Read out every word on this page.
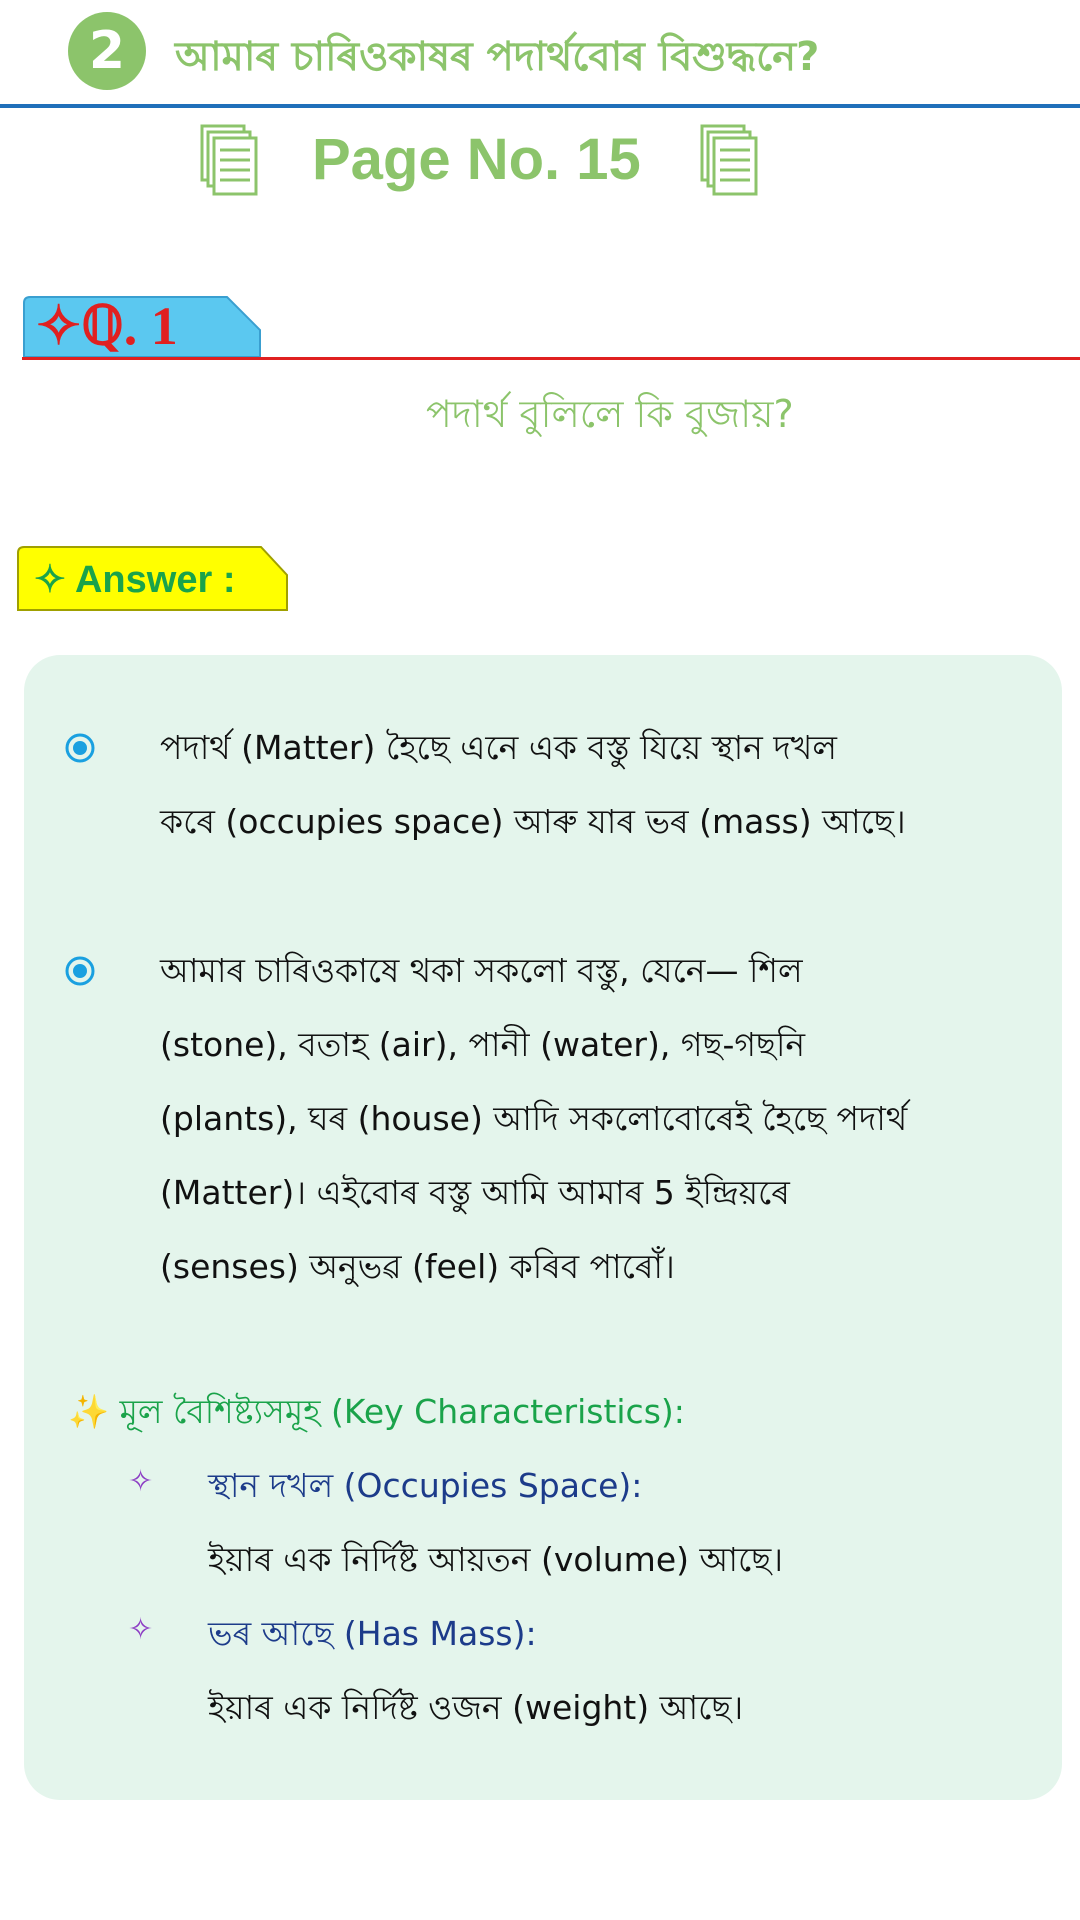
2	আমাৰ চাৰিওকাষৰ পদাৰ্থবোৰ বিশুদ্ধনে?
Page No. 15
✧ℚ. 1
পদাৰ্থ বুলিলে কি বুজায়?
✧ Answer :
পদাৰ্থ (Matter) হৈছে এনে এক বস্তু যিয়ে স্থান দখল
কৰে (occupies space) আৰু যাৰ ভৰ (mass) আছে।
আমাৰ চাৰিওকাষে থকা সকলো বস্তু, যেনে— শিল
(stone), বতাহ (air), পানী (water), গছ-গছনি
(plants), ঘৰ (house) আদি সকলোবোৰেই হৈছে পদাৰ্থ
(Matter)। এইবোৰ বস্তু আমি আমাৰ 5 ইন্দ্ৰিয়ৰে
(senses) অনুভৱ (feel) কৰিব পাৰোঁ।
✨ মূল বৈশিষ্ট্যসমূহ (Key Characteristics):
✧ স্থান দখল (Occupies Space):
ইয়াৰ এক নিৰ্দিষ্ট আয়তন (volume) আছে।
✧ ভৰ আছে (Has Mass):
ইয়াৰ এক নিৰ্দিষ্ট ওজন (weight) আছে।
